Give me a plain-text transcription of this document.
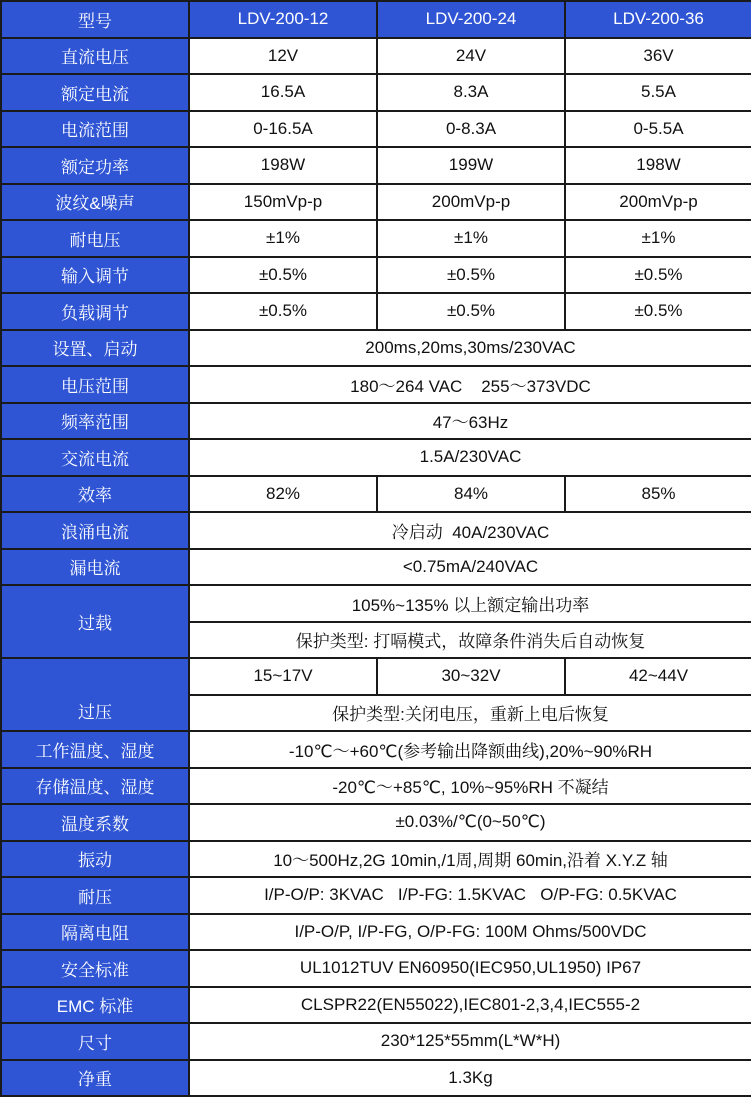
型号	LDV-200-12	LDV-200-24	LDV-200-36
直流电压	12V	24V	36V
额定电流	16.5A	8.3A	5.5A
电流范围	0-16.5A	0-8.3A	0-5.5A
额定功率	198W	199W	198W
波纹&噪声	150mVp-p	200mVp-p	200mVp-p
耐电压	±1%	±1%	±1%
输入调节	±0.5%	±0.5%	±0.5%
负载调节	±0.5%	±0.5%	±0.5%
设置、启动	200ms,20ms,30ms/230VAC		
电压范围	180～264 VAC    255～373VDC		
频率范围	47～63Hz		
交流电流	1.5A/230VAC		
效率	82%	84%	85%
浪涌电流	冷启动  40A/230VAC		
漏电流	<0.75mA/240VAC		
过载	105%~135% 以上额定输出功率		
	保护类型: 打嗝模式，故障条件消失后自动恢复		
过压	15~17V	30~32V	42~44V
	保护类型:关闭电压，重新上电后恢复		
工作温度、湿度	-10℃～+60℃(参考输出降额曲线),20%~90%RH		
存储温度、湿度	-20℃～+85℃, 10%~95%RH 不凝结		
温度系数	±0.03%/℃(0~50℃)		
振动	10～500Hz,2G 10min,/1周,周期 60min,沿着 X.Y.Z 轴		
耐压	I/P-O/P: 3KVAC   I/P-FG: 1.5KVAC   O/P-FG: 0.5KVAC		
隔离电阻	I/P-O/P, I/P-FG, O/P-FG: 100M Ohms/500VDC		
安全标准	UL1012TUV EN60950(IEC950,UL1950) IP67		
EMC 标准	CLSPR22(EN55022),IEC801-2,3,4,IEC555-2		
尺寸	230*125*55mm(L*W*H)		
净重	1.3Kg		
